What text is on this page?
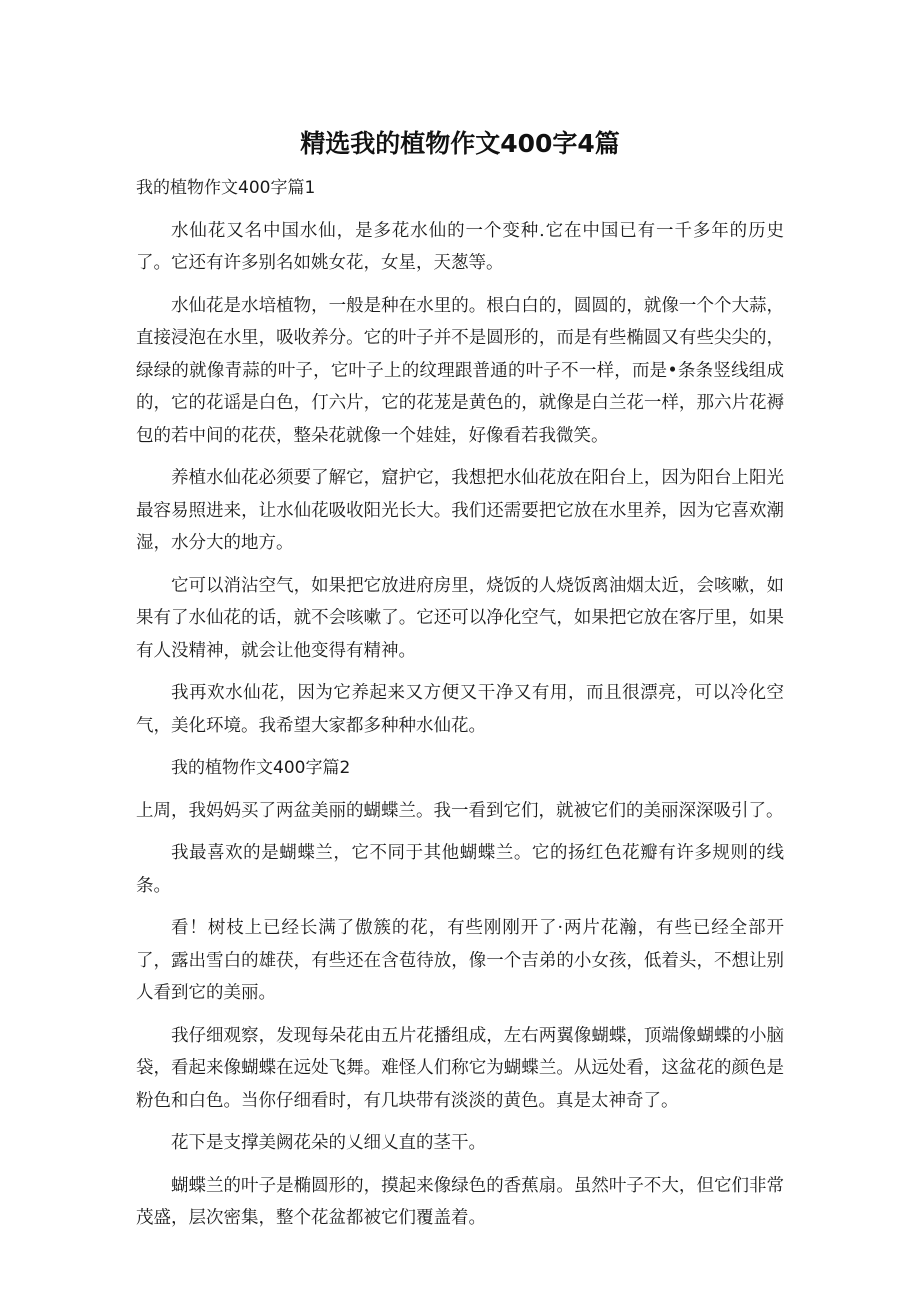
精选我的植物作文400字4篇
我的植物作文400字篇1

水仙花又名中国水仙，是多花水仙的一个变种.它在中国已有一千多年的历史了。它还有许多别名如姚女花，女星，天葱等。

水仙花是水培植物，一般是种在水里的。根白白的，圆圆的，就像一个个大蒜，直接浸泡在水里，吸收养分。它的叶子并不是圆形的，而是有些椭圆又有些尖尖的，绿绿的就像青蒜的叶子，它叶子上的纹理跟普通的叶子不一样，而是•条条竖线组成的，它的花谣是白色，仃六片，它的花茏是黄色的，就像是白兰花一样，那六片花褥包的若中间的花茯，整朵花就像一个娃娃，好像看若我微笑。

养植水仙花必须要了解它，窟护它，我想把水仙花放在阳台上，因为阳台上阳光最容易照进来，让水仙花吸收阳光长大。我们还需要把它放在水里养，因为它喜欢潮湿，水分大的地方。

它可以消沾空气，如果把它放进府房里，烧饭的人烧饭离油烟太近，会咳嗽，如果有了水仙花的话，就不会咳嗽了。它还可以净化空气，如果把它放在客厅里，如果有人没精神，就会让他变得有精神。

我再欢水仙花，因为它养起来又方便又干净又有用，而且很漂亮，可以冷化空气，美化环境。我希望大家都多种种水仙花。

我的植物作文400字篇2

上周，我妈妈买了两盆美丽的蝴蝶兰。我一看到它们，就被它们的美丽深深吸引了。

我最喜欢的是蝴蝶兰，它不同于其他蝴蝶兰。它的扬红色花瓣有许多规则的线条。

看！树枝上已经长满了傲簇的花，有些刚刚开了·两片花瀚，有些已经全部开了，露出雪白的雄茯，有些还在含苞待放，像一个吉弟的小女孩，低着头，不想让别人看到它的美丽。

我仔细观察，发现每朵花由五片花播组成，左右两翼像蝴蝶，顶端像蝴蝶的小脑袋，看起来像蝴蝶在远处飞舞。难怪人们称它为蝴蝶兰。从远处看，这盆花的颜色是粉色和白色。当你仔细看时，有几块带有淡淡的黄色。真是太神奇了。

花下是支撑美阙花朵的乂细乂直的茎干。

蝴蝶兰的叶子是椭圆形的，摸起来像绿色的香蕉扇。虽然叶子不大，但它们非常茂盛，层次密集，整个花盆都被它们覆盖着。
